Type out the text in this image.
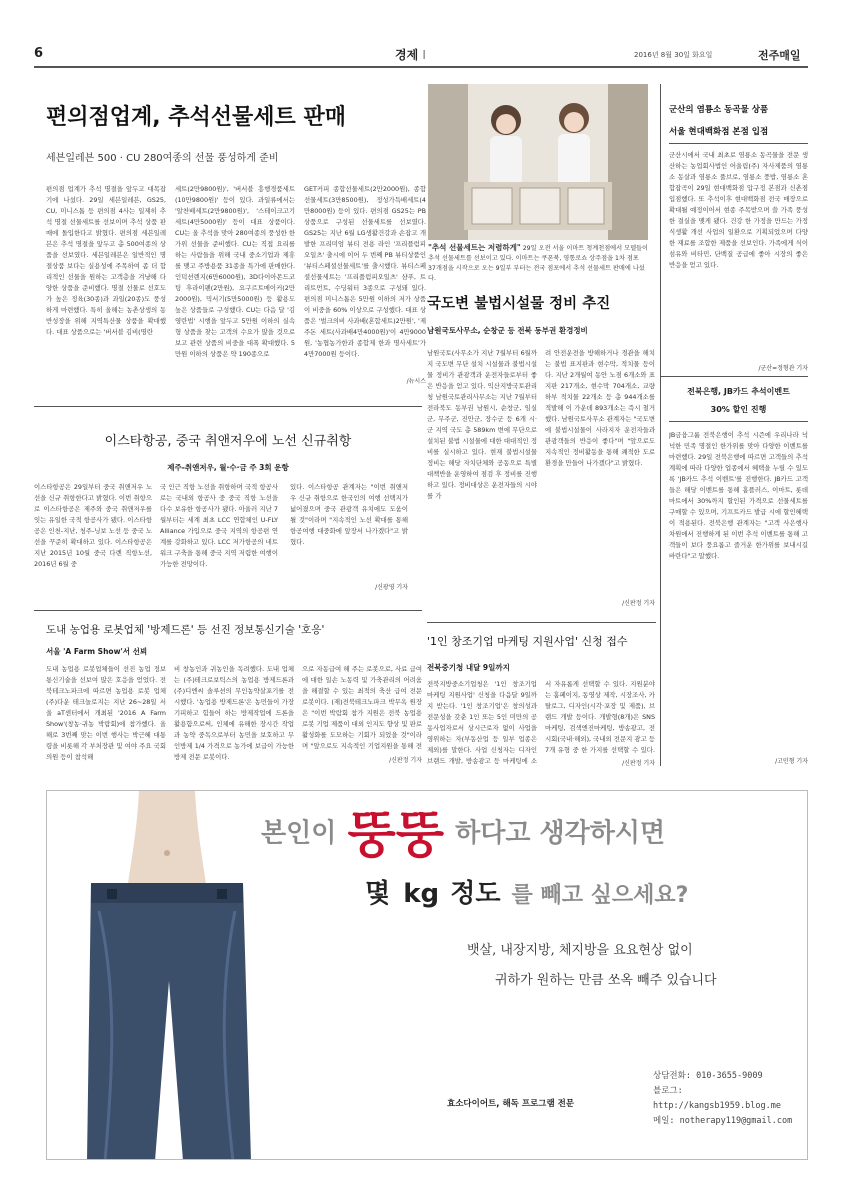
6	경제 I	2016년 8월 30일 화요일	전주매일
편의점업계, 추석선물세트 판매
세븐일레븐 500 · CU 280여종의 선물 풍성하게 준비
편의점 업계가 추석 명절을 앞두고 대목잡기에 나섰다. 29일 세븐일레븐, GS25, CU, 미니스톱 등 편의점 4사는 일제히 추석 명절 선물세트를 선보이며 추석 상품 판매에 돌입한다고 밝혔다. 편의점 세븐일레븐은 추석 명절을 앞두고 총 500여종의 상품을 선보였다. 세븐일레븐은 일반적인 명절상품 보다는 실용성에 주목하여 좀 더 합리적인 선물을 원하는 고객층을 겨냥해 다양한 상품을 준비했다. 명절 선물로 선호도가 높은 정육(30종)과 과일(20종)도 풍성하게 마련했다. 특히 올해는 농촌상생의 동반성장을 위해 지역특산물 상품을 확대했다. 대표 상품으로는 '버서블 김비(명란
세트(2만9800원)', '버서블 흥행경품세트(10만9800원)' 등이 있다. 과일류에서는 '알찬배세트(2만9800원)', '스테이크고기세트(4만5000원)' 등이 대표 상품이다. CU는 올 추석을 맞아 280여종의 풍성한 한가위 선물을 준비했다. CU는 직접 요리를 하는 사람들을 위해 국내 중소기업과 제휴를 맺고 주방용품 31종을 특가에 판매한다. 인덕션렌지(6만6000원), 3D다이아몬드코팅 후라이팬(2만원), 요구르트메이커(2만2000원), 믹서기(5만5000원) 등 활용도 높은 상품들로 구성했다. CU는 다음 달 '김영란법' 시행을 앞두고 5만원 이하의 실속형 상품을 찾는 고객의 수요가 많을 것으로 보고 관련 상품의 비중을 대폭 확대했다. 5만원 이하의 상품은 약 190종으로
GET커피 종합선물세트(2만2000원), 종합선물세트(3만8500원), 정성가득배세트(4만8000원) 등이 있다. 편의점 GS25는 PB상품으로 구성된 선물세트를 선보였다. GS25는 지난 6월 LG생활건강과 손잡고 개발한 프리미엄 뷰티 전용 라인 '프리플럼피오일츠' 출시에 이어 두 번째 PB 뷰티상품인 '뷰티스페셜선물세트'를 출시했다. 뷰티스페셜선물세트는 '프리플럼피오일츠' 샴푸, 트리트먼트, 수딩워터 3종으로 구성돼 있다. 편의점 미니스톱은 5만원 이하의 저가 상품이 비중을 60% 이상으로 구성했다. 대표 상품은 '벌크의비 사과배(혼합세트)2만원', '제주돈 세트(사과배4만4000원)'이 4만9000원, '농협농가한과 종합제 한과 명사세트'가 4만7000원 등이다.
/뉴시스
"추석 선물세트는 저렴하게" 29일 오전 서울 이마트 청계천점에서 모델들이 추석 선물세트를 선보이고 있다. 이마트는 쿠폰북, 영통로쇼 상주점을 1차 점포 37개점을 시작으로 오는 9일부 부터는 전국 점포에서 추석 선물세트 판매에 나섰다.
군산의 염룡소 동곡물 상품
서울 현대백화점 본점 입점
군산시에서 국내 최초로 염룡소 동곡물을 전문 생산하는 농업회사법인 어울림(주) 자사제품의 염룡소 동살과 염룡소 풀브로, 염룡소 풍밥, 염룡소 혼합잡곡이 29일 현대백화점 압구정 본점과 신촌점 입점했다. 또 추석이후 현대백화점 전국 매장으로 확대될 예정이어서 현종 주목받으며 쓸 가족 풍성한 결실을 맺게 됐다. 건강 한 가정을 만드는 가정 식생활 개선 사업의 일환으로 기획되었으며 다양한 재료를 조합한 제품을 선보인다. 가족에게 식이섬유와 비타민, 단백질 공급에 좋아 시장의 좋은 반응을 얻고 있다.
/군산=정형관 기자
국도변 불법시설물 정비 추진
남원국토사무소, 순창군 등 전북 동부권 환경정비
남원국토(사무소가 지난 7월부터 6월까지 국도변 무단 설치 시설물과 불법시설물 정비가 관광객과 운전자들로부터 좋은 반응을 얻고 있다. 익산지방국토관리청 남원국토관리사무소는 지난 7월부터 전라북도 동부권 남원시, 순창군, 임실군, 무주군, 진안군, 장수군 등 6개 시·군 지역 국도 총 589km 변에 무단으로 설치된 불법 시설물에 대한 대대적인 정비를 실시하고 있다. 현재 불법시설물 정비는 해당 자치단체와 공동으로 특별대책반을 운영하여 점검 후 정비를 진행하고 있다. 정비대상은 운전자들의 시야를 가
려 안전운전을 방해하거나 경관을 해치는 불법 표지판과 현수막, 적치물 등이다. 지난 2개월여 동안 노점 6개소와 표지판 217개소, 현수막 704개소, 교량하부 적치물 22개소 등 총 944개소를 적발해 이 가운데 893개소는 즉시 철거했다. 남원국토사무소 관계자는 "국도변에 불법시설물이 사라지자 운전자들과 관광객들의 반응이 좋다"며 "앞으로도 지속적인 정비활동을 통해 쾌적한 도로환경을 만들어 나가겠다"고 밝혔다.
/신판정 기자
이스타항공, 중국 취앤저우에 노선 신규취항
제주-취앤저우, 월·수·금 주 3회 운항
이스타항공은 29일부터 중국 취앤저우 노선을 신규 취항한다고 밝혔다. 이번 취항으로 이스타항공은 제주와 중국 취앤저우를 잇는 유일한 국적 항공사가 됐다. 이스타항공은 인천-지난, 청주-닝보 노선 등 중국 노선을 꾸준히 확대하고 있다. 이스타항공은 지난 2015년 10월 중국 다롄 직항노선, 2016년 6월 중
국 인근 직항 노선을 취항하며 국적 항공사로는 국내외 항공사 중 중국 직항 노선을 다수 보유한 항공사가 됐다. 아울러 지난 7월부터는 세계 최초 LCC 연합체인 U-FLY Alliance 가입으로 중국 지역의 항공편 연계를 강화하고 있다. LCC 저가항공의 네트워크 구축을 통해 중국 지역 저렴한 여행이 가능한 전망이다.
있다. 이스타항공 관계자는 "이번 취앤저우 신규 취항으로 한국인의 여행 선택지가 넓어졌으며 중국 관광객 유치에도 도움이 될 것"이라며 "지속적인 노선 확대를 통해 항공여행 대중화에 앞장서 나가겠다"고 밝혔다.
/신광영 기자
'1인 창조기업 마케팅 지원사업' 신청 접수
전북중기청 내달 9일까지
전북지방중소기업청은 '1인 창조기업 마케팅 지원사업' 신청을 다음달 9일까지 받는다. '1인 창조기업'은 창의성과 전문성을 갖춘 1인 또는 5인 미만의 공동사업자로서 상시근로자 없이 사업을 영위하는 자(부동산업 등 일부 업종은 제외)를 말한다. 사업 신청자는 디자인 브랜드 개발, 방송광고 등 마케팅에 소
서 자유롭게 선택할 수 있다. 지원분야는 홈페이지, 동영상 제작, 시장조사, 카탈로그, 디자인(시각·포장 및 제품), 브랜드 개발 등이다. 개발형(8개)은 SNS 마케팅, 검색엔진마케팅, 방송광고, 전시회(국내·해외), 국내외 전문지 광고 등 7개 유형 중 한 가지를 선택할 수 있다.
/신판정 기자
도내 농업용 로봇업체 '방제드론' 등 선진 정보통신기술 '호응'
서울 'A Farm Show'서 선뵈
도내 농업용 로봇업체들이 선진 농업 정보통신기술을 선보여 많은 호응을 얻었다. 전북테크노파크에 따르면 농업용 로봇 업체 (주)다운 테크놀로지는 지난 26~28일 서울 aT센터에서 개최된 '2016 A Farm Show'(창농·귀농 박람회)에 참가했다. 올해로 3번째 맞는 이번 행사는 박근혜 대통령을 비롯해 각 부처장관 및 여야 주요 국회의원 등이 참석해
비 창농인과 귀농인을 독려했다. 도내 업체는 (주)테크로보틱스의 농업용 방제드론과 (주)디엔씨 솔루션의 무인농약살포기를 전시했다. '농업용 방제드론'은 농민들이 가장 기피하고 힘들어 하는 방제작업에 드론을 활용함으로써, 인체에 유해한 장시간 작업과 농약 중독으로부터 농민을 보호하고 무인방제 1/4 가격으로 농가에 보급이 가능한 방제 전문 로봇이다.
으로 자동급여 해 주는 로봇으로, 사료 급여에 대한 일손 노동력 및 가축관리의 어려움을 해결할 수 있는 최적의 축산 급여 전문 로봇이다. (재)전북테크노파크 박무옥 원장은 "이번 박람회 참가 지원은 전북 농업용 로봇 기업 제품이 대외 인지도 향상 및 판로 활성화를 도모하는 기회가 되었을 것"이라며 "앞으로도 지속적인 기업지원을 통해 전
/신판정 기자
전북은행, JB카드 추석이벤트
30% 할인 진행
JB금융그룹 전북은행이 추석 시즌에 우리나라 넉넉한 민족 명절인 한가위를 맞아 다양한 이벤트를 마련했다. 29일 전북은행에 따르면 고객들의 추석 계획에 따라 다양한 업종에서 혜택을 누릴 수 있도록 'JB카드 추석 이벤트'를 진행한다. JB카드 고객들은 해당 이벤트를 통해 홈플러스, 이마트, 롯데마트에서 30%까지 할인된 가격으로 선물세트를 구매할 수 있으며, 기프트카드 발급 시에 할인혜택이 적용된다. 전북은행 관계자는 "고객 사은행사 차원에서 진행하게 된 이번 추석 이벤트를 통해 고객들이 보다 풍요롭고 즐거운 한가위를 보내시길 바란다"고 말했다.
/고민형 기자
본인이 뚱뚱 하다고 생각하시면
몇 kg 정도 를 빼고 싶으세요?
뱃살, 내장지방, 체지방을 요요현상 없이
귀하가 원하는 만큼 쏘옥 빼주 있습니다
효소다이어트, 해독 프로그램 전문
상담전화: 010-3655-9009
블로그: http://kangsb1959.blog.me
메일: notherapy119@gmail.com
